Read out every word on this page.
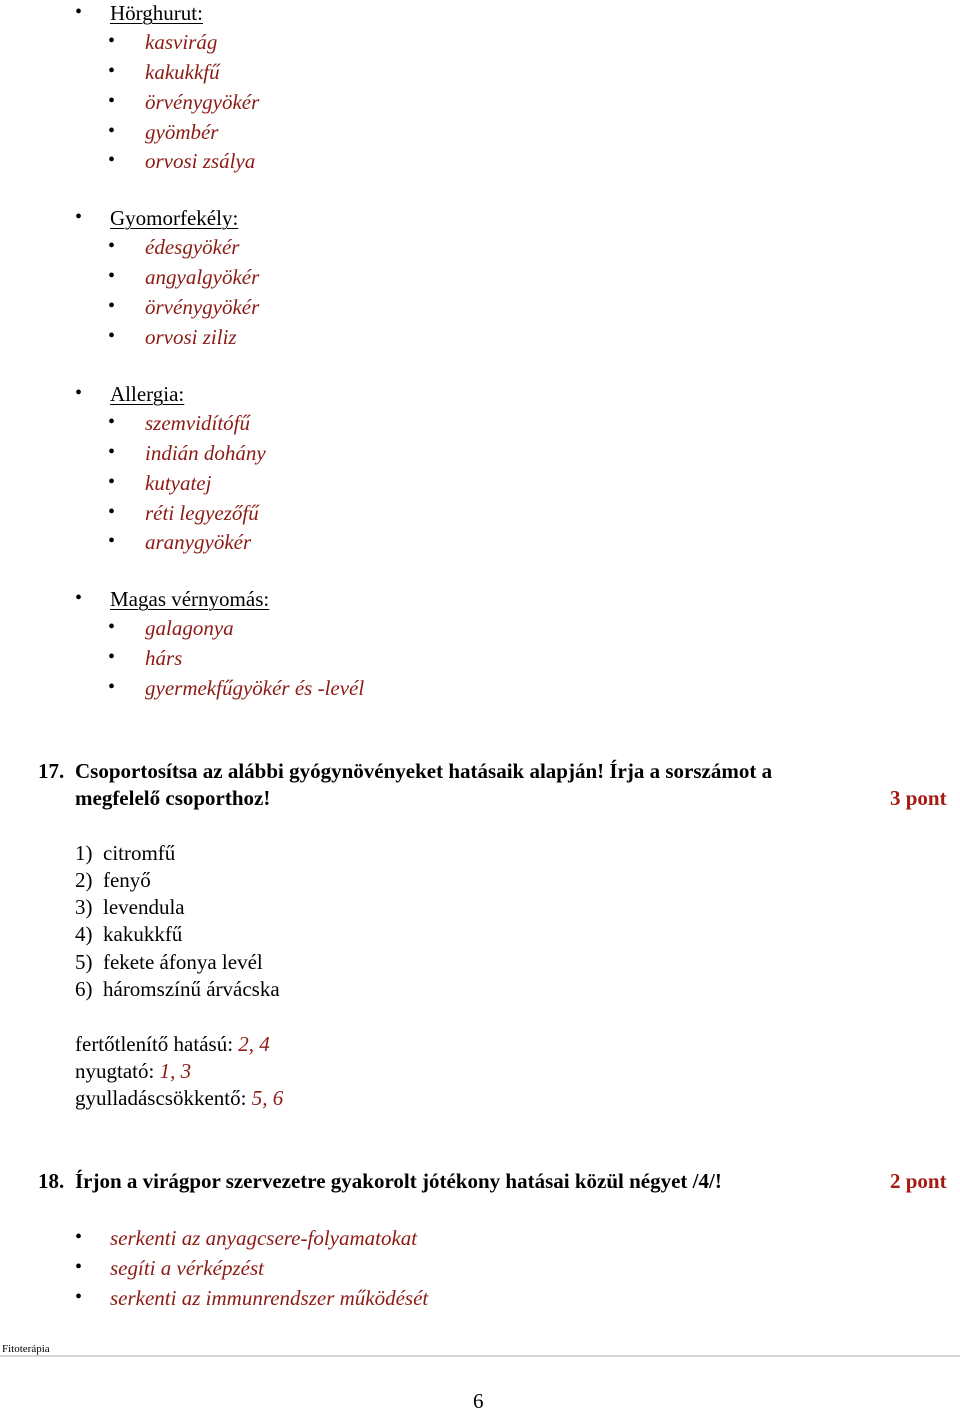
• Hörghurut:
• kasvirág
• kakukkfű
• örvénygyökér
• gyömbér
• orvosi zsálya
• Gyomorfekély:
• édesgyökér
• angyalgyökér
• örvénygyökér
• orvosi ziliz
• Allergia:
• szemvidítófű
• indián dohány
• kutyatej
• réti legyezőfű
• aranygyökér
• Magas vérnyomás:
• galagonya
• hárs
• gyermekfűgyökér és -levél
17. Csoportosítsa az alábbi gyógynövényeket hatásaik alapján! Írja a sorszámot a
megfelelő csoporthoz!	3 pont
1)  citromfű
2)  fenyő
3)  levendula
4)  kakukkfű
5)  fekete áfonya levél
6)  háromszínű árvácska
fertőtlenítő hatású: 2, 4
nyugtató: 1, 3
gyulladáscsökkentő: 5, 6
18. Írjon a virágpor szervezetre gyakorolt jótékony hatásai közül négyet /4/!	2 pont
• serkenti az anyagcsere-folyamatokat
• segíti a vérképzést
• serkenti az immunrendszer működését
Fitoterápia
6
